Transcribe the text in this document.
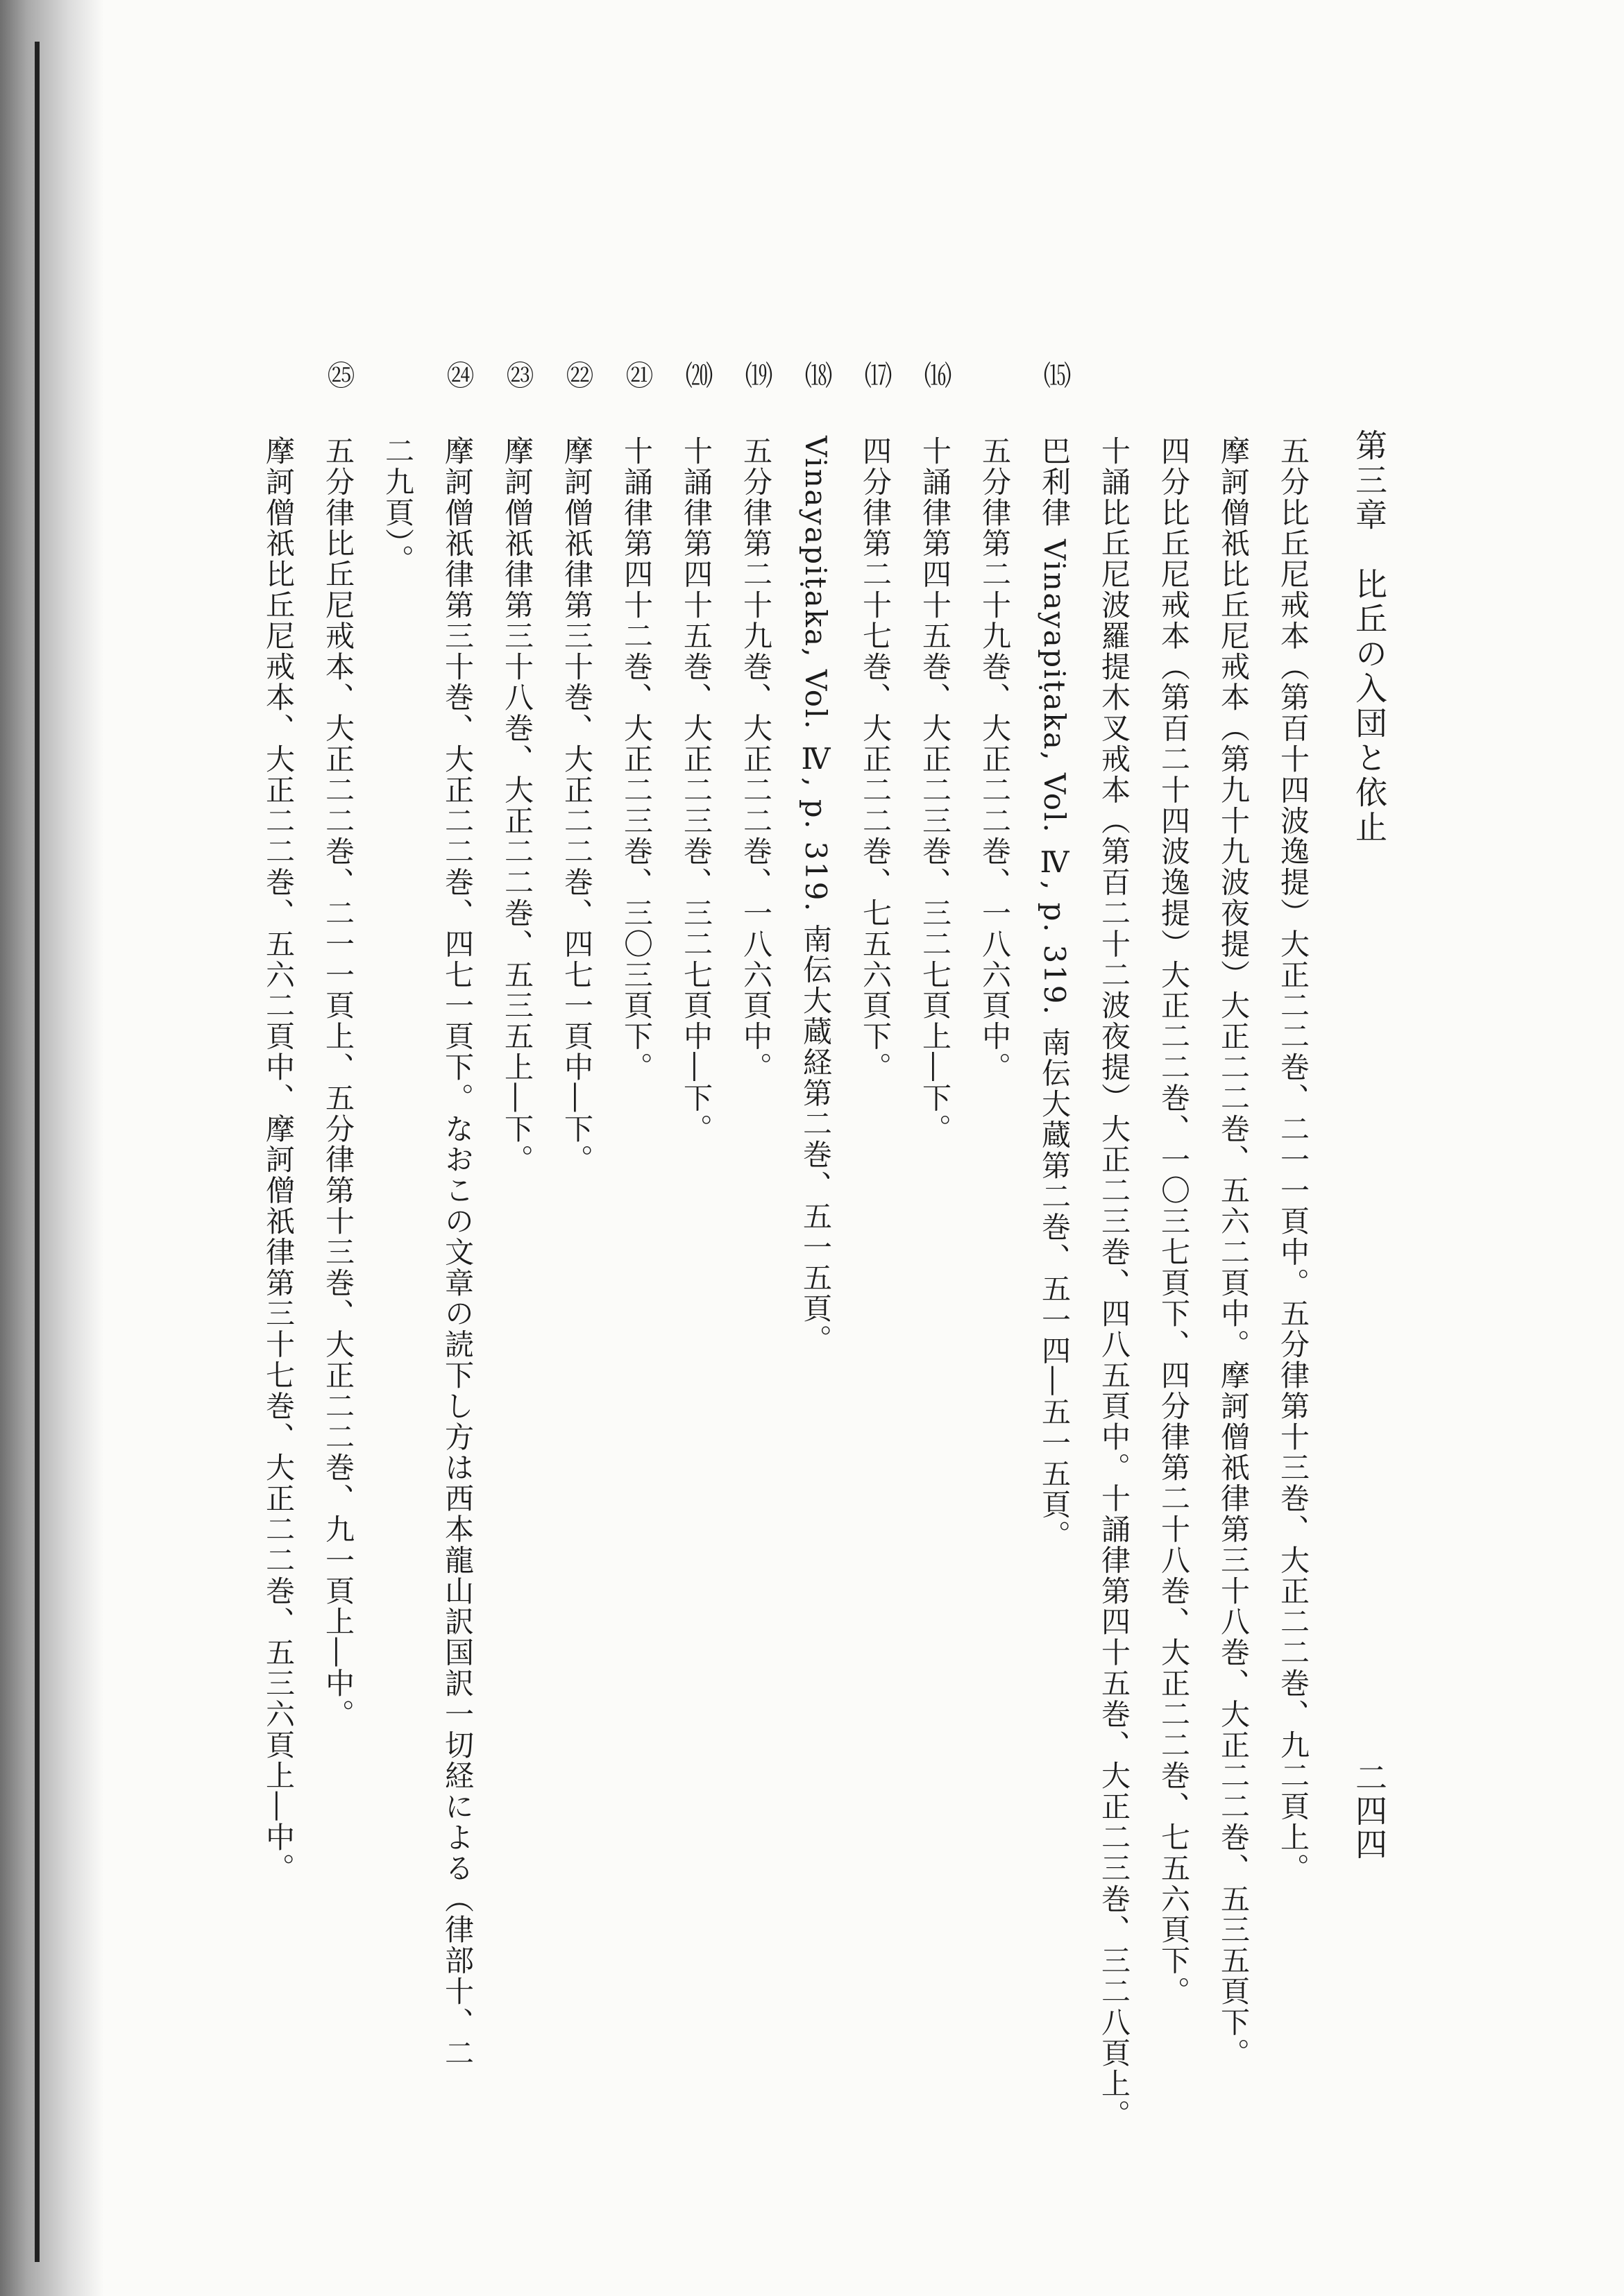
第三章　比丘の入団と依止
二四四
五分比丘尼戒本（第百十四波逸提）大正二二巻、二一一頁中。五分律第十三巻、大正二二巻、九二頁上。
摩訶僧祇比丘尼戒本（第九十九波夜提）大正二二巻、五六二頁中。摩訶僧祇律第三十八巻、大正二二巻、五三五頁下。
四分比丘尼戒本（第百二十四波逸提）大正二二巻、一〇三七頁下、四分律第二十八巻、大正二二巻、七五六頁下。
十誦比丘尼波羅提木叉戒本（第百二十二波夜提）大正二三巻、四八五頁中。十誦律第四十五巻、大正二三巻、三二八頁上。
巴利律 Vinayapiṭaka, Vol. Ⅳ, p. 319. 南伝大蔵第二巻、五一四―五一五頁。
五分律第二十九巻、大正二二巻、一八六頁中。
十誦律第四十五巻、大正二三巻、三二七頁上―下。
四分律第二十七巻、大正二二巻、七五六頁下。
Vinayapiṭaka, Vol. Ⅳ, p. 319. 南伝大蔵経第二巻、五一五頁。
五分律第二十九巻、大正二二巻、一八六頁中。
十誦律第四十五巻、大正二三巻、三二七頁中―下。
十誦律第四十二巻、大正二三巻、三〇三頁下。
摩訶僧祇律第三十巻、大正二二巻、四七一頁中―下。
摩訶僧祇律第三十八巻、大正二二巻、五三五上―下。
摩訶僧祇律第三十巻、大正二二巻、四七一頁下。なおこの文章の読下し方は西本龍山訳国訳一切経による（律部十、二
二九頁）。
五分律比丘尼戒本、大正二二巻、二一一頁上、五分律第十三巻、大正二二巻、九一頁上―中。
摩訶僧祇比丘尼戒本、大正二二巻、五六二頁中、摩訶僧祇律第三十七巻、大正二二巻、五三六頁上―中。
⒂
⒃
⒄
⒅
⒆
⒇
㉑
㉒
㉓
㉔
㉕
